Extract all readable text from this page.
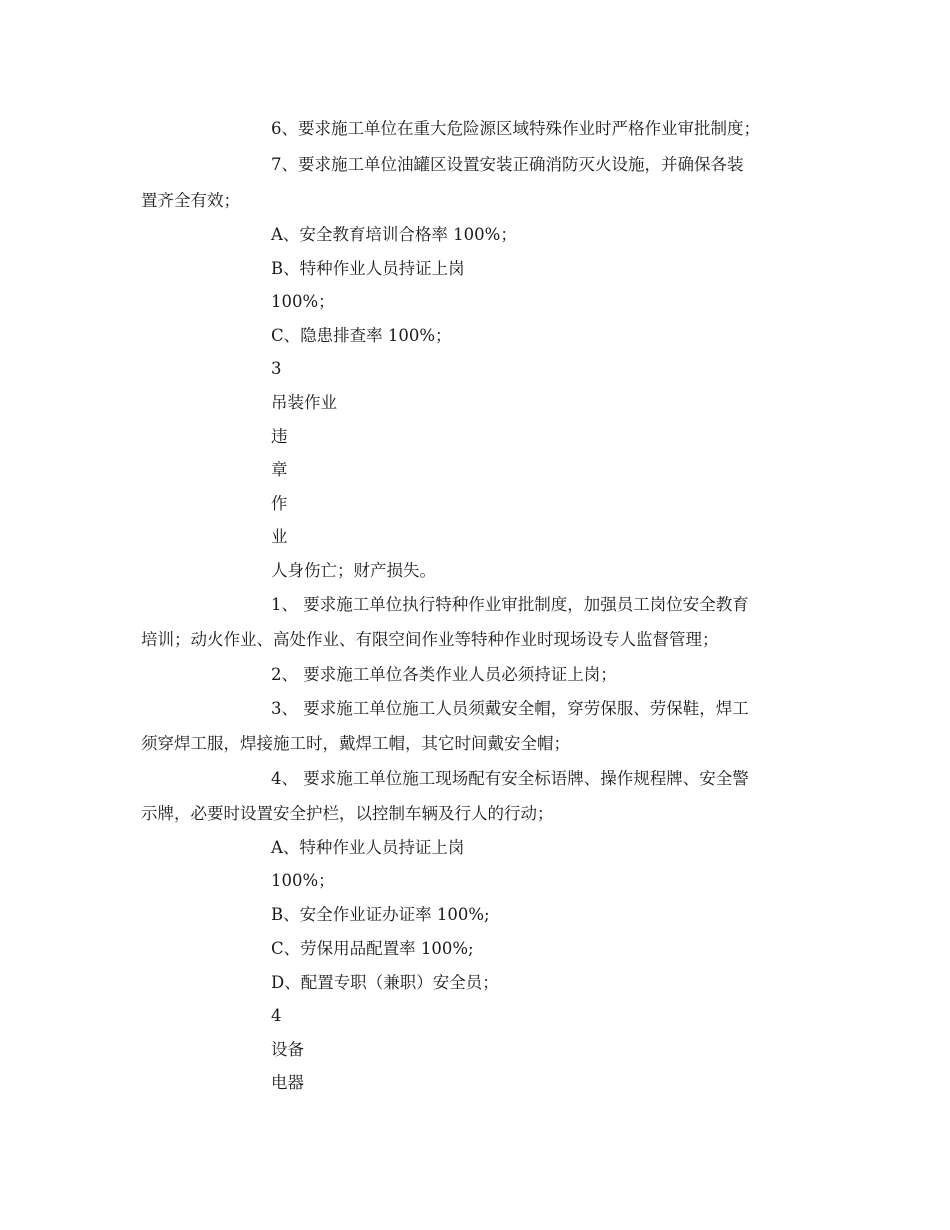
6、要求施工单位在重大危险源区域特殊作业时严格作业审批制度；
7、要求施工单位油罐区设置安装正确消防灭火设施，并确保各装
置齐全有效；
A、安全教育培训合格率 100%；
B、特种作业人员持证上岗
100%；
C、隐患排查率 100%；
3
吊装作业
违
章
作
业
人身伤亡；财产损失。
1、 要求施工单位执行特种作业审批制度，加强员工岗位安全教育
培训；动火作业、高处作业、有限空间作业等特种作业时现场设专人监督管理；
2、 要求施工单位各类作业人员必须持证上岗；
3、 要求施工单位施工人员须戴安全帽，穿劳保服、劳保鞋，焊工
须穿焊工服，焊接施工时，戴焊工帽，其它时间戴安全帽；
4、 要求施工单位施工现场配有安全标语牌、操作规程牌、安全警
示牌，必要时设置安全护栏，以控制车辆及行人的行动；
A、特种作业人员持证上岗
100%；
B、安全作业证办证率 100%;
C、劳保用品配置率 100%;
D、配置专职（兼职）安全员；
4
设备
电器
